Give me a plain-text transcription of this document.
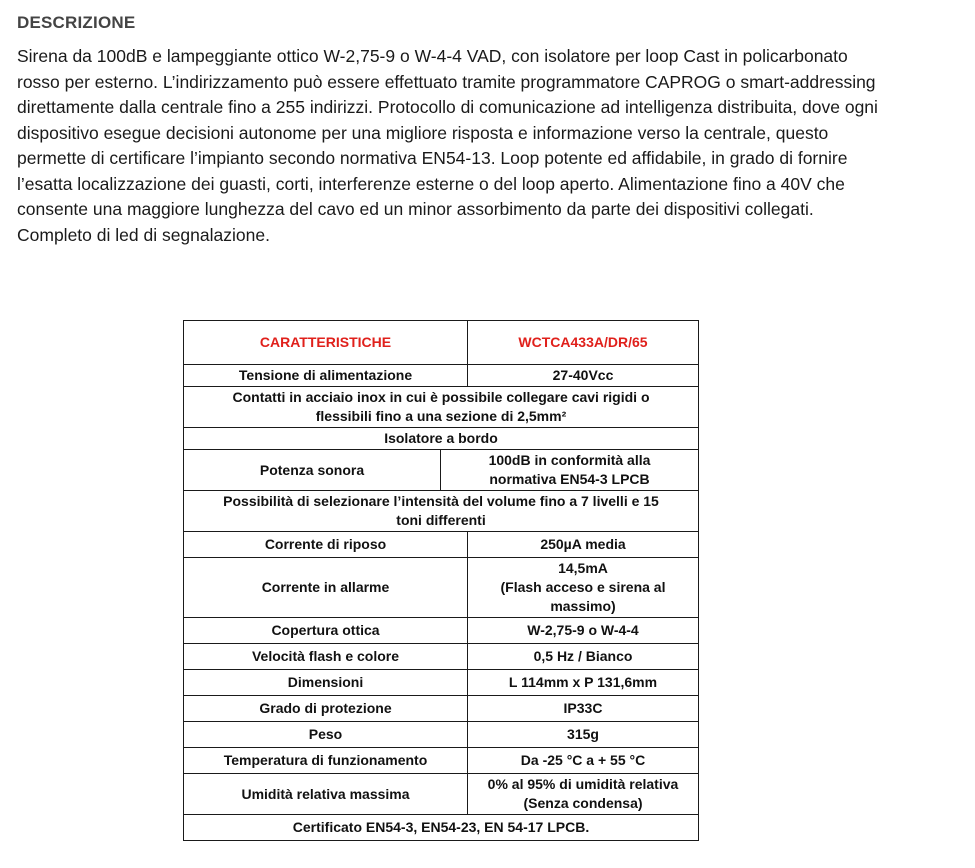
DESCRIZIONE
Sirena da 100dB e lampeggiante ottico W-2,75-9 o W-4-4 VAD, con isolatore per loop Cast in policarbonato
rosso per esterno. L’indirizzamento può essere effettuato tramite programmatore CAPROG o smart-addressing
direttamente dalla centrale fino a 255 indirizzi. Protocollo di comunicazione ad intelligenza distribuita, dove ogni
dispositivo esegue decisioni autonome per una migliore risposta e informazione verso la centrale, questo
permette di certificare l’impianto secondo normativa EN54-13. Loop potente ed affidabile, in grado di fornire
l’esatta localizzazione dei guasti, corti, interferenze esterne o del loop aperto. Alimentazione fino a 40V che
consente una maggiore lunghezza del cavo ed un minor assorbimento da parte dei dispositivi collegati.
Completo di led di segnalazione.
CARATTERISTICHE		WCTCA433A/DR/65
Tensione di alimentazione		27-40Vcc

Contatti in acciaio inox in cui è possibile collegare cavi rigidi o
flessibili fino a una sezione di 2,5mm²		

Isolatore a bordo		
Potenza sonora	100dB in conformità alla
normativa EN54-3 LPCB	

Possibilità di selezionare l’intensità del volume fino a 7 livelli e 15
toni differenti		

Corrente di riposo		250µA media
Corrente in allarme		14,5mA
(Flash acceso e sirena al
massimo)

Copertura ottica		W-2,75-9 o W-4-4
Velocità flash e colore		0,5 Hz / Bianco
Dimensioni		L 114mm x P 131,6mm
Grado di protezione		IP33C
Peso		315g
Temperatura di funzionamento		Da -25 °C a + 55 °C
Umidità relativa massima		0% al 95% di umidità relativa
(Senza condensa)

Certificato EN54-3, EN54-23, EN 54-17 LPCB.		
